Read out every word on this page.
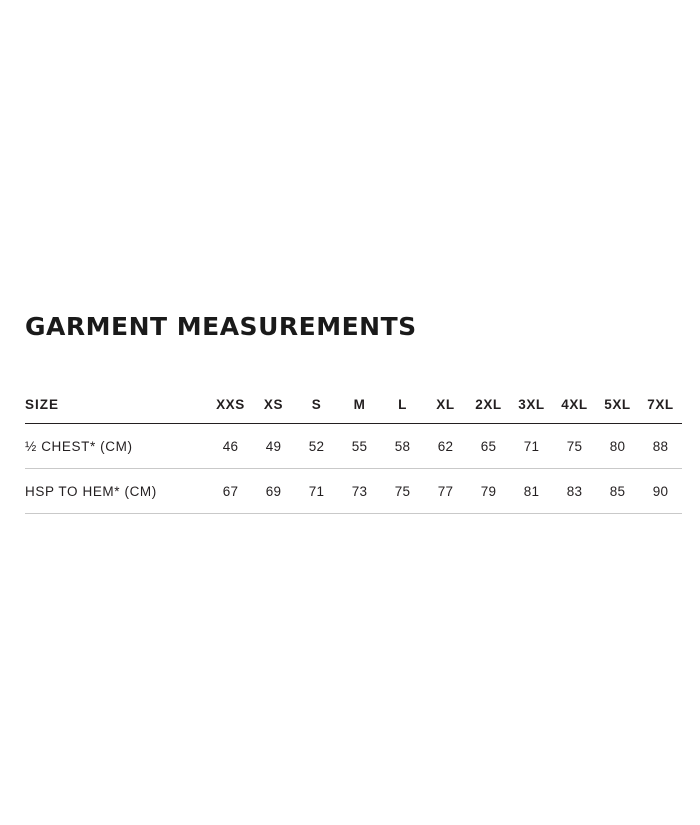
GARMENT MEASUREMENTS
SIZE	XXS	XS	S	M	L	XL	2XL	3XL	4XL	5XL	7XL
½ CHEST* (CM)	46	49	52	55	58	62	65	71	75	80	88
HSP TO HEM* (CM)	67	69	71	73	75	77	79	81	83	85	90
